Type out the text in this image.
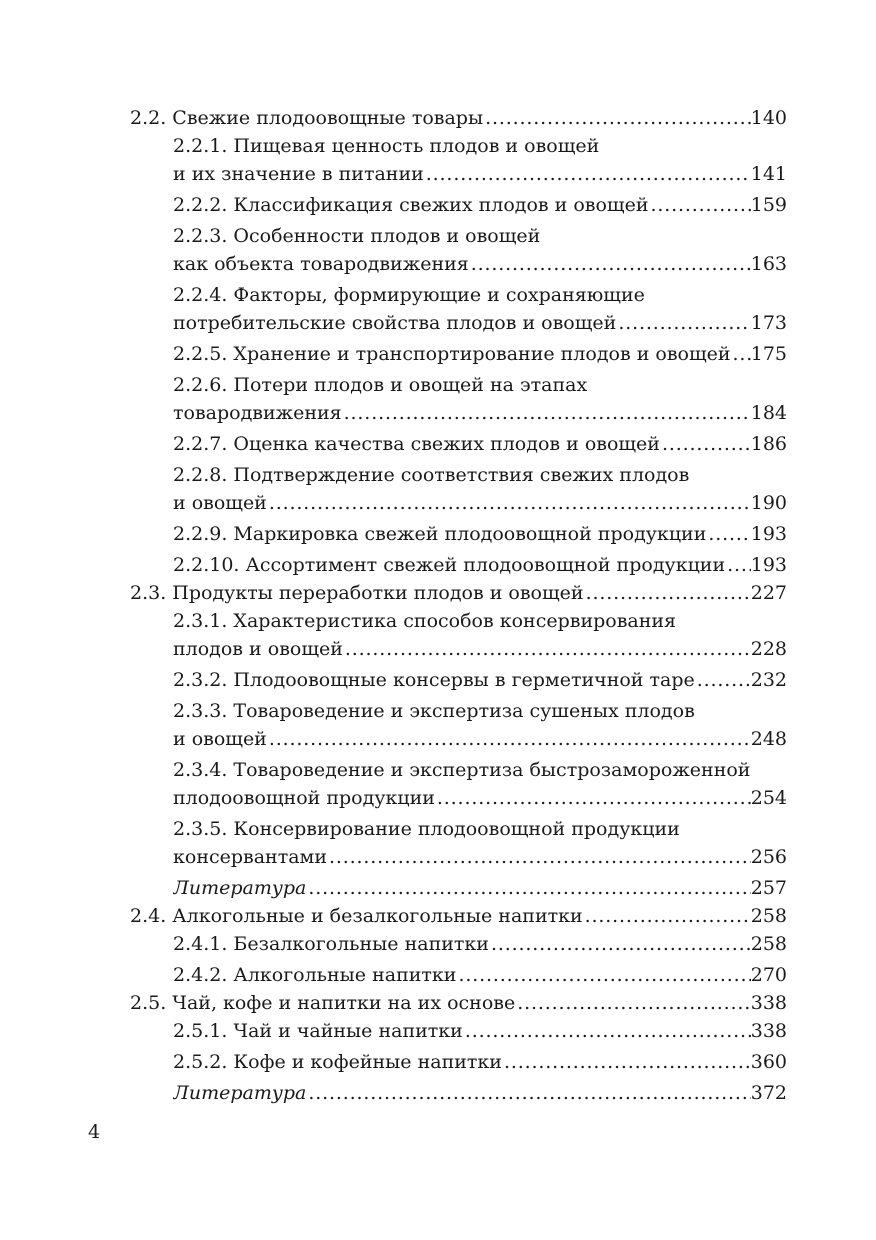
2.2. Свежие плодоовощные товары . . .	140
2.2.1. Пищевая ценность плодов и овощей
и их значение в питании . . .	141
2.2.2. Классификация свежих плодов и овощей . . .	159
2.2.3. Особенности плодов и овощей
как объекта товародвижения . . .	163
2.2.4. Факторы, формирующие и сохраняющие
потребительские свойства плодов и овощей . . .	173
2.2.5. Хранение и транспортирование плодов и овощей . . . 175
2.2.6. Потери плодов и овощей на этапах
товародвижения . . .	184
2.2.7. Оценка качества свежих плодов и овощей . . .	186
2.2.8. Подтверждение соответствия свежих плодов
и овощей . . .	190
2.2.9. Маркировка свежей плодоовощной продукции . . . 193
2.2.10. Ассортимент свежей плодоовощной продукции . . . 193
2.3. Продукты переработки плодов и овощей . . .	227
2.3.1. Характеристика способов консервирования
плодов и овощей . . .	228
2.3.2. Плодоовощные консервы в герметичной таре . . .	232
2.3.3. Товароведение и экспертиза сушеных плодов
и овощей . . .	248
2.3.4. Товароведение и экспертиза быстрозамороженной
плодоовощной продукции . . .	254
2.3.5. Консервирование плодоовощной продукции
консервантами . . .	256
Литература . . .	257
2.4. Алкогольные и безалкогольные напитки . . .	258
2.4.1. Безалкогольные напитки . . .	258
2.4.2. Алкогольные напитки . . .	270
2.5. Чай, кофе и напитки на их основе . . .	338
2.5.1. Чай и чайные напитки . . .	338
2.5.2. Кофе и кофейные напитки . . .	360
Литература . . .	372
4
